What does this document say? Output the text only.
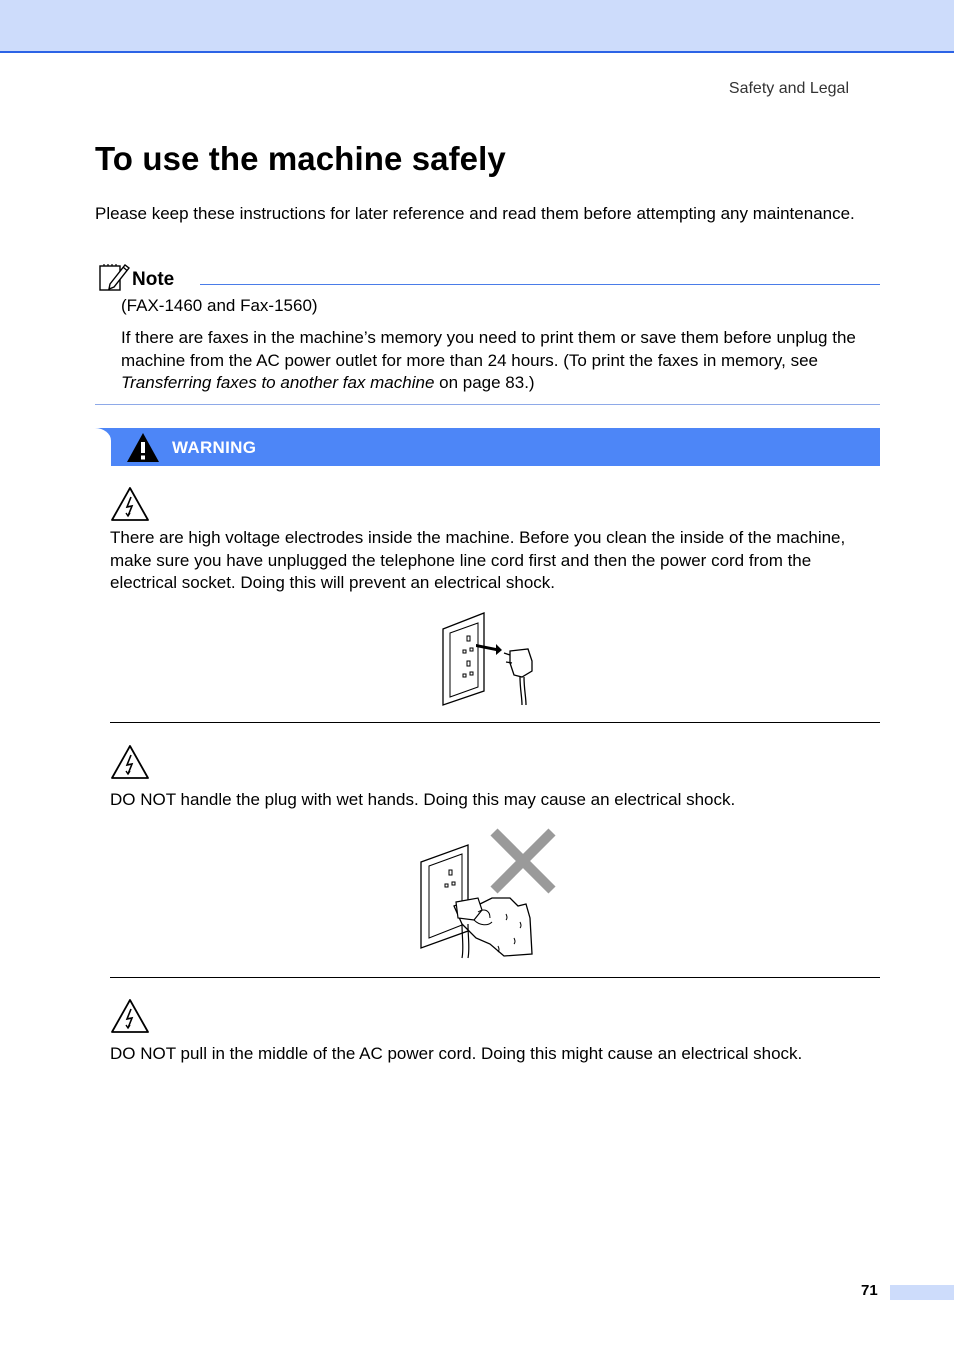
Safety and Legal
To use the machine safely

Please keep these instructions for later reference and read them before attempting any maintenance.

Note

(FAX-1460 and Fax-1560)

If there are faxes in the machine’s memory you need to print them or save them before unplug the machine from the AC power outlet for more than 24 hours. (To print the faxes in memory, see Transferring faxes to another fax machine on page 83.)

WARNING

There are high voltage electrodes inside the machine. Before you clean the inside of the machine, make sure you have unplugged the telephone line cord first and then the power cord from the electrical socket. Doing this will prevent an electrical shock.

DO NOT handle the plug with wet hands. Doing this may cause an electrical shock.

DO NOT pull in the middle of the AC power cord. Doing this might cause an electrical shock.

71
